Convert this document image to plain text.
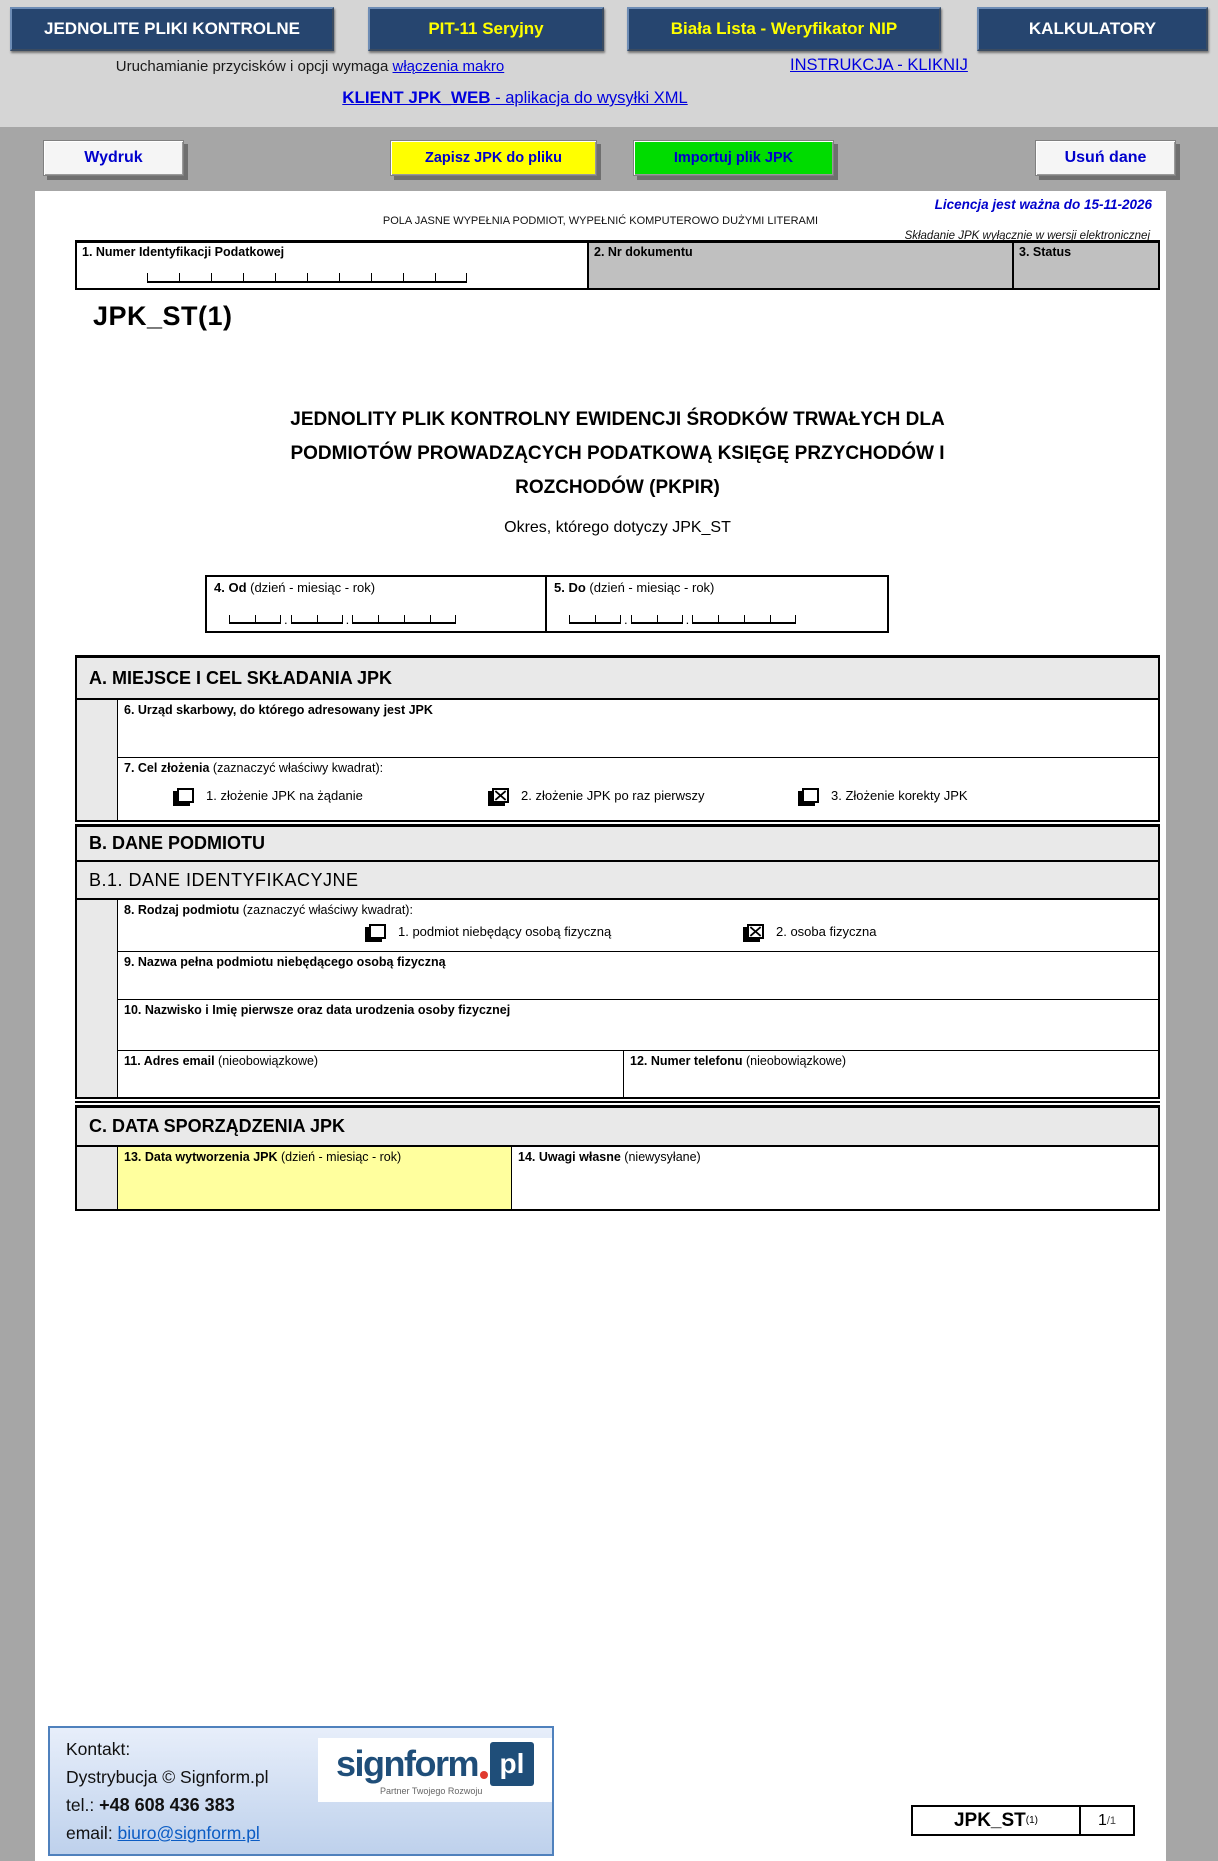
JEDNOLITE PLIKI KONTROLNE	PIT-11 Seryjny	Biała Lista - Weryfikator NIP	KALKULATORY
Uruchamianie przycisków i opcji wymaga włączenia makro	INSTRUKCJA - KLIKNIJ
KLIENT JPK_WEB - aplikacja do wysyłki XML
Wydruk	Zapisz JPK do pliku	Importuj plik JPK	Usuń dane
Licencja jest ważna do 15-11-2026
POLA JASNE WYPEŁNIA PODMIOT, WYPEŁNIĆ KOMPUTEROWO DUŻYMI LITERAMI
Składanie JPK wyłącznie w wersji elektronicznej
1. Numer Identyfikacji Podatkowej	2. Nr dokumentu	3. Status
JPK_ST(1)
JEDNOLITY PLIK KONTROLNY EWIDENCJI ŚRODKÓW TRWAŁYCH DLA
PODMIOTÓW PROWADZĄCYCH PODATKOWĄ KSIĘGĘ PRZYCHODÓW I
ROZCHODÓW (PKPIR)
Okres, którego dotyczy JPK_ST
4. Od (dzień - miesiąc - rok)
.	.
5. Do (dzień - miesiąc - rok)
.	.
A. MIEJSCE I CEL SKŁADANIA JPK
6. Urząd skarbowy, do którego adresowany jest JPK
7. Cel złożenia (zaznaczyć właściwy kwadrat):
1. złożenie JPK na żądanie	2. złożenie JPK po raz pierwszy	3. Złożenie korekty JPK
B. DANE PODMIOTU
B.1. DANE IDENTYFIKACYJNE
8. Rodzaj podmiotu (zaznaczyć właściwy kwadrat):
1. podmiot niebędący osobą fizyczną	2. osoba fizyczna
9. Nazwa pełna podmiotu niebędącego osobą fizyczną
10. Nazwisko i Imię pierwsze oraz data urodzenia osoby fizycznej
11. Adres email (nieobowiązkowe)	12. Numer telefonu (nieobowiązkowe)
C. DATA SPORZĄDZENIA JPK
13. Data wytworzenia JPK (dzień - miesiąc - rok)	14. Uwagi własne (niewysyłane)
Kontakt:
Dystrybucja © Signform.pl
tel.: +48 608 436 383
email: biuro@signform.pl
signform pl
Partner Twojego Rozwoju
JPK_ST (1)	1 /1
